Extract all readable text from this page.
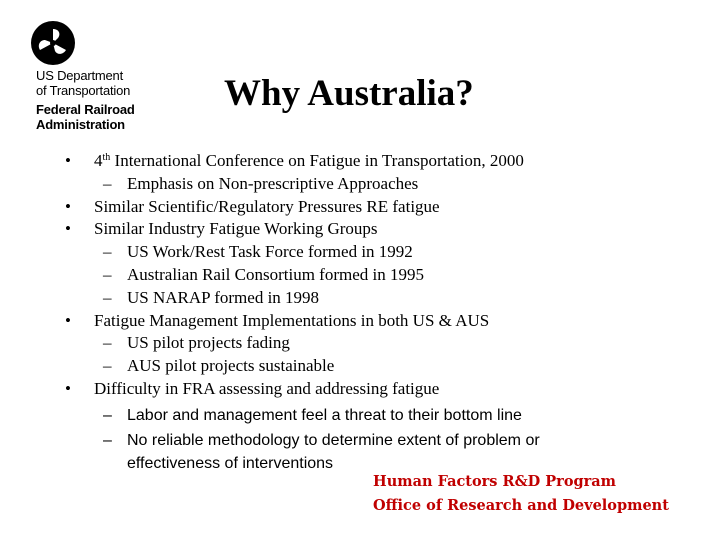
US Department
of Transportation
Federal Railroad
Administration
Why Australia?
• 4th International Conference on Fatigue in Transportation, 2000
– Emphasis on Non-prescriptive Approaches
• Similar Scientific/Regulatory Pressures RE fatigue
• Similar Industry Fatigue Working Groups
– US Work/Rest Task Force formed in 1992
– Australian Rail Consortium formed in 1995
– US NARAP formed in 1998
• Fatigue Management Implementations in both US & AUS
– US pilot projects fading
– AUS pilot projects sustainable
• Difficulty in FRA assessing and addressing fatigue
– Labor and management feel a threat to their bottom line
– No reliable methodology to determine extent of problem or
effectiveness of interventions
Human Factors R&D Program
Office of Research and Development
